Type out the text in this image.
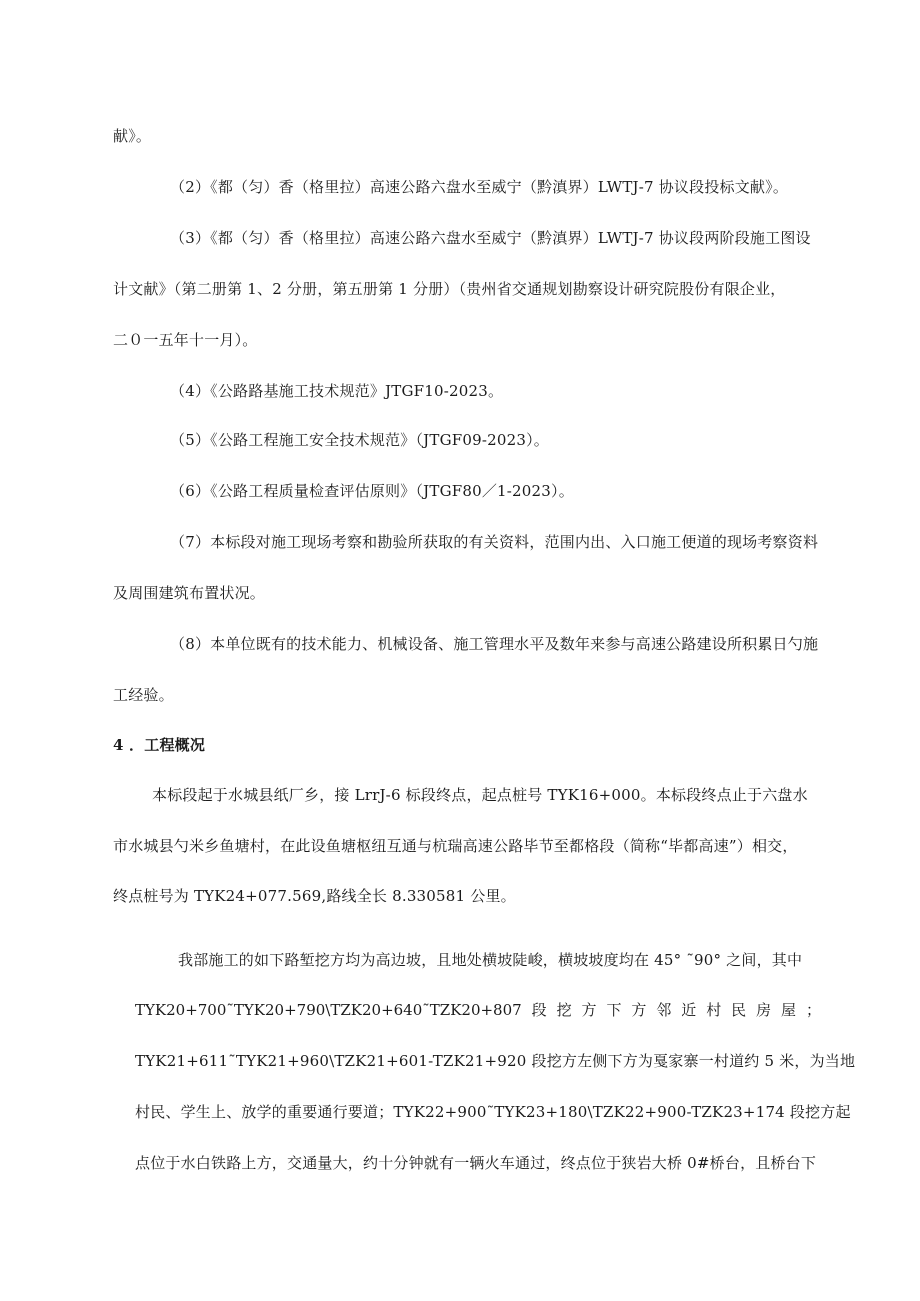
献》。
（2）《都（匀）香（格里拉）高速公路六盘水至威宁（黔滇界）LWTJ-7 协议段投标文献》。
（3）《都（匀）香（格里拉）高速公路六盘水至威宁（黔滇界）LWTJ-7 协议段两阶段施工图设
计文献》（第二册第 1、2 分册，第五册第 1 分册）（贵州省交通规划勘察设计研究院股份有限企业，
二０一五年十一月）。
（4）《公路路基施工技术规范》JTGF10-2023。
（5）《公路工程施工安全技术规范》（JTGF09-2023）。
（6）《公路工程质量检查评估原则》（JTGF80／1-2023）。
（7）本标段对施工现场考察和勘验所获取的有关资料，范围内出、入口施工便道的现场考察资料
及周围建筑布置状况。
（8）本单位既有的技术能力、机械设备、施工管理水平及数年来参与高速公路建设所积累日勺施
工经验。
4 ．工程概况
本标段起于水城县纸厂乡，接 LrrJ-6 标段终点，起点桩号 TYK16+000。本标段终点止于六盘水
市水城县勺米乡鱼塘村，在此设鱼塘枢纽互通与杭瑞高速公路毕节至都格段（简称“毕都高速”）相交，
终点桩号为 TYK24+077.569,路线全长 8.330581 公里。
我部施工的如下路堑挖方均为高边坡，且地处横坡陡峻，横坡坡度均在 45° ˜90° 之间，其中
TYK20+700˜TYK20+790\TZK20+640˜TZK20+807 段 挖 方 下 方 邻 近 村 民 房 屋 ；
TYK21+611˜TYK21+960\TZK21+601-TZK21+920 段挖方左侧下方为戛家寨一村道约 5 米，为当地
村民、学生上、放学的重要通行要道；TYK22+900˜TYK23+180\TZK22+900-TZK23+174 段挖方起
点位于水白铁路上方，交通量大，约十分钟就有一辆火车通过，终点位于狭岩大桥 0#桥台，且桥台下
